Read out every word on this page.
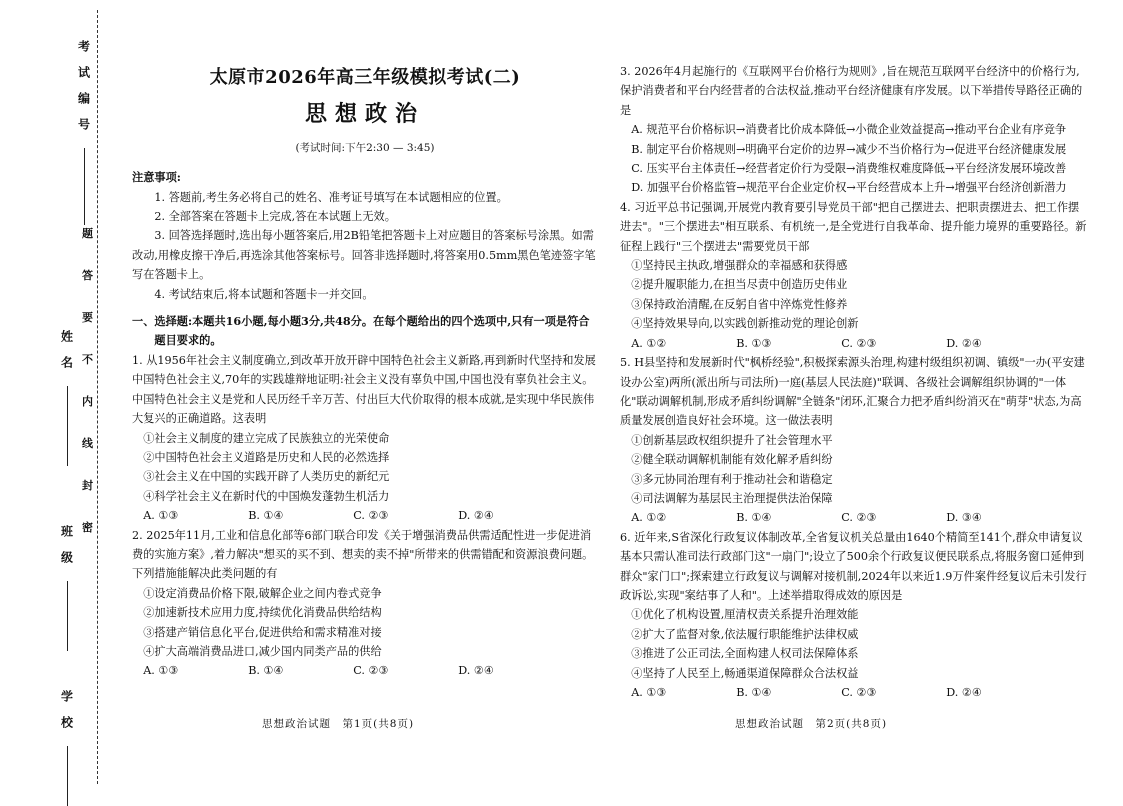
考试编号
姓名
班级
学校
题
答
要
不
内
线
封
密
太原市2026年高三年级模拟考试(二)
思想政治
(考试时间:下午2:30 — 3:45)
注意事项:
1. 答题前,考生务必将自己的姓名、准考证号填写在本试题相应的位置。
2. 全部答案在答题卡上完成,答在本试题上无效。
3. 回答选择题时,选出每小题答案后,用2B铅笔把答题卡上对应题目的答案标号涂黑。如需改动,用橡皮擦干净后,再选涂其他答案标号。回答非选择题时,将答案用0.5mm黑色笔迹签字笔写在答题卡上。
4. 考试结束后,将本试题和答题卡一并交回。
一、选择题:本题共16小题,每小题3分,共48分。在每个题给出的四个选项中,只有一项是符合题目要求的。

1. 从1956年社会主义制度确立,到改革开放开辟中国特色社会主义新路,再到新时代坚持和发展中国特色社会主义,70年的实践雄辩地证明:社会主义没有辜负中国,中国也没有辜负社会主义。中国特色社会主义是党和人民历经千辛万苦、付出巨大代价取得的根本成就,是实现中华民族伟大复兴的正确道路。这表明

①社会主义制度的建立完成了民族独立的光荣使命
②中国特色社会主义道路是历史和人民的必然选择
③社会主义在中国的实践开辟了人类历史的新纪元
④科学社会主义在新时代的中国焕发蓬勃生机活力
A. ①③	B. ①④	C. ②③	D. ②④

2. 2025年11月,工业和信息化部等6部门联合印发《关于增强消费品供需适配性进一步促进消费的实施方案》,着力解决"想买的买不到、想卖的卖不掉"所带来的供需错配和资源浪费问题。下列措施能解决此类问题的有

①设定消费品价格下限,破解企业之间内卷式竞争
②加速新技术应用力度,持续优化消费品供给结构
③搭建产销信息化平台,促进供给和需求精准对接
④扩大高端消费品进口,减少国内同类产品的供给
A. ①③	B. ①④	C. ②③	D. ②④

3. 2026年4月起施行的《互联网平台价格行为规则》,旨在规范互联网平台经济中的价格行为,保护消费者和平台内经营者的合法权益,推动平台经济健康有序发展。以下举措传导路径正确的是

A. 规范平台价格标识→消费者比价成本降低→小微企业效益提高→推动平台企业有序竞争
B. 制定平台价格规则→明确平台定价的边界→减少不当价格行为→促进平台经济健康发展
C. 压实平台主体责任→经营者定价行为受限→消费维权难度降低→平台经济发展环境改善
D. 加强平台价格监管→规范平台企业定价权→平台经营成本上升→增强平台经济创新潜力

4. 习近平总书记强调,开展党内教育要引导党员干部"把自己摆进去、把职责摆进去、把工作摆进去"。"三个摆进去"相互联系、有机统一,是全党进行自我革命、提升能力境界的重要路径。新征程上践行"三个摆进去"需要党员干部

①坚持民主执政,增强群众的幸福感和获得感
②提升履职能力,在担当尽责中创造历史伟业
③保持政治清醒,在反躬自省中淬炼党性修养
④坚持效果导向,以实践创新推动党的理论创新
A. ①②	B. ①③	C. ②③	D. ②④

5. H县坚持和发展新时代"枫桥经验",积极探索源头治理,构建村级组织初调、镇级"一办(平安建设办公室)两所(派出所与司法所)一庭(基层人民法庭)"联调、各级社会调解组织协调的"一体化"联动调解机制,形成矛盾纠纷调解"全链条"闭环,汇聚合力把矛盾纠纷消灭在"萌芽"状态,为高质量发展创造良好社会环境。这一做法表明

①创新基层政权组织提升了社会管理水平
②健全联动调解机制能有效化解矛盾纠纷
③多元协同治理有利于推动社会和谐稳定
④司法调解为基层民主治理提供法治保障
A. ①②	B. ①④	C. ②③	D. ③④

6. 近年来,S省深化行政复议体制改革,全省复议机关总量由1640个精简至141个,群众申请复议基本只需认准司法行政部门这"一扇门";设立了500余个行政复议便民联系点,将服务窗口延伸到群众"家门口";探索建立行政复议与调解对接机制,2024年以来近1.9万件案件经复议后未引发行政诉讼,实现"案结事了人和"。上述举措取得成效的原因是

①优化了机构设置,厘清权责关系提升治理效能
②扩大了监督对象,依法履行职能维护法律权威
③推进了公正司法,全面构建人权司法保障体系
④坚持了人民至上,畅通渠道保障群众合法权益
A. ①③	B. ①④	C. ②③	D. ②④
思想政治试题　第1页(共8页)	思想政治试题　第2页(共8页)
